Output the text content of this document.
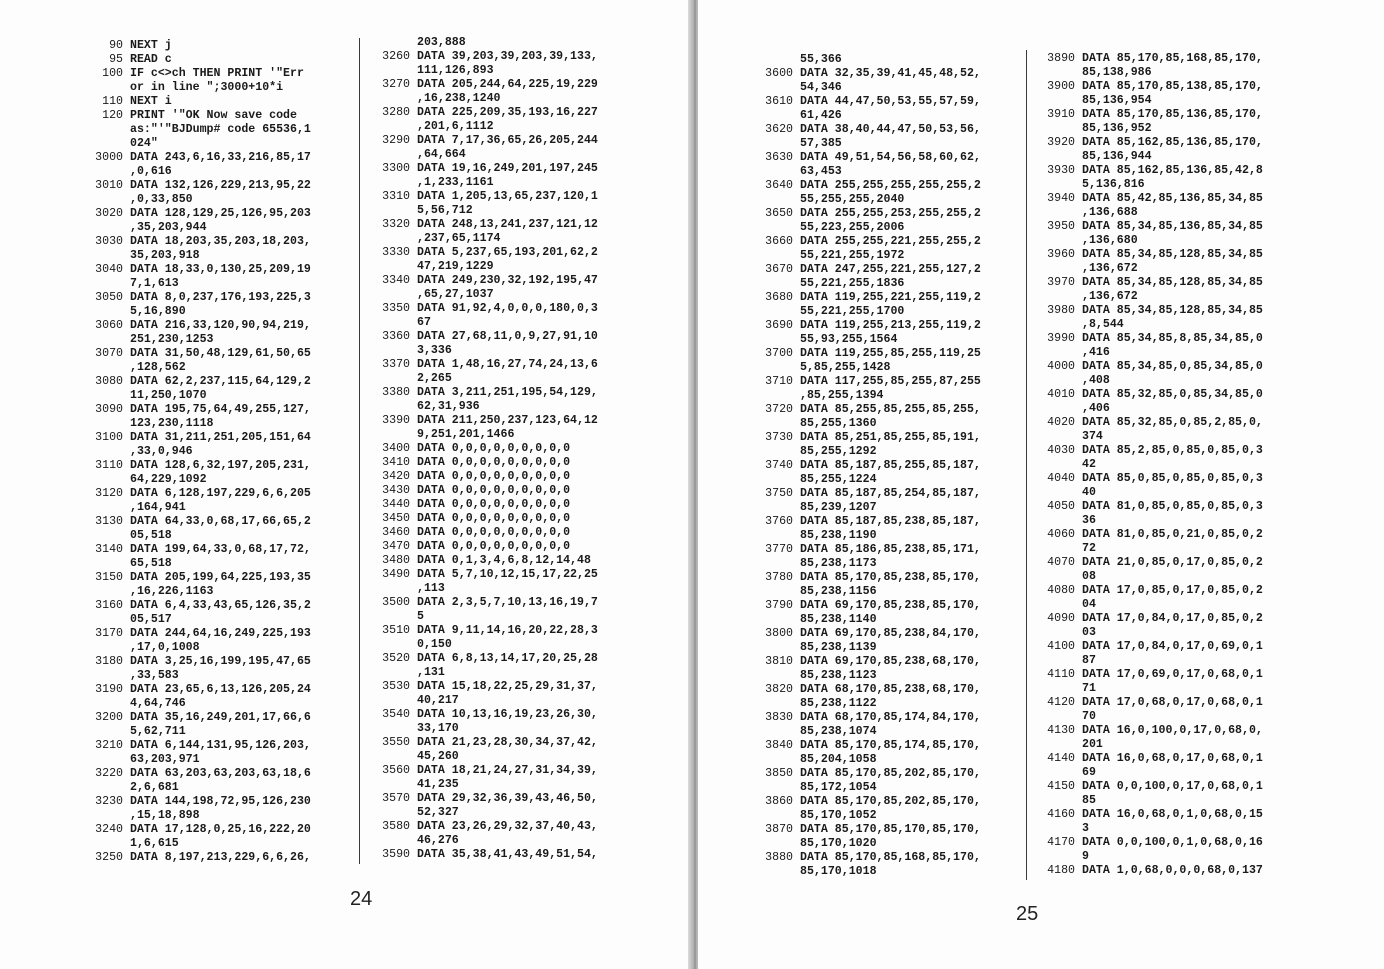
90 NEXT j
95 READ c
100 IF c<>ch THEN PRINT '"Err
or in line ";3000+10*i
110 NEXT i
120 PRINT '"OK Now save code
as:"'"BJDump# code 65536,1
024"
3000 DATA 243,6,16,33,216,85,17
,0,616
3010 DATA 132,126,229,213,95,22
,0,33,850
3020 DATA 128,129,25,126,95,203
,35,203,944
3030 DATA 18,203,35,203,18,203,
35,203,918
3040 DATA 18,33,0,130,25,209,19
7,1,613
3050 DATA 8,0,237,176,193,225,3
5,16,890
3060 DATA 216,33,120,90,94,219,
251,230,1253
3070 DATA 31,50,48,129,61,50,65
,128,562
3080 DATA 62,2,237,115,64,129,2
11,250,1070
3090 DATA 195,75,64,49,255,127,
123,230,1118
3100 DATA 31,211,251,205,151,64
,33,0,946
3110 DATA 128,6,32,197,205,231,
64,229,1092
3120 DATA 6,128,197,229,6,6,205
,164,941
3130 DATA 64,33,0,68,17,66,65,2
05,518
3140 DATA 199,64,33,0,68,17,72,
65,518
3150 DATA 205,199,64,225,193,35
,16,226,1163
3160 DATA 6,4,33,43,65,126,35,2
05,517
3170 DATA 244,64,16,249,225,193
,17,0,1008
3180 DATA 3,25,16,199,195,47,65
,33,583
3190 DATA 23,65,6,13,126,205,24
4,64,746
3200 DATA 35,16,249,201,17,66,6
5,62,711
3210 DATA 6,144,131,95,126,203,
63,203,971
3220 DATA 63,203,63,203,63,18,6
2,6,681
3230 DATA 144,198,72,95,126,230
,15,18,898
3240 DATA 17,128,0,25,16,222,20
1,6,615
3250 DATA 8,197,213,229,6,6,26,
203,888
3260 DATA 39,203,39,203,39,133,
111,126,893
3270 DATA 205,244,64,225,19,229
,16,238,1240
3280 DATA 225,209,35,193,16,227
,201,6,1112
3290 DATA 7,17,36,65,26,205,244
,64,664
3300 DATA 19,16,249,201,197,245
,1,233,1161
3310 DATA 1,205,13,65,237,120,1
5,56,712
3320 DATA 248,13,241,237,121,12
,237,65,1174
3330 DATA 5,237,65,193,201,62,2
47,219,1229
3340 DATA 249,230,32,192,195,47
,65,27,1037
3350 DATA 91,92,4,0,0,0,180,0,3
67
3360 DATA 27,68,11,0,9,27,91,10
3,336
3370 DATA 1,48,16,27,74,24,13,6
2,265
3380 DATA 3,211,251,195,54,129,
62,31,936
3390 DATA 211,250,237,123,64,12
9,251,201,1466
3400 DATA 0,0,0,0,0,0,0,0,0
3410 DATA 0,0,0,0,0,0,0,0,0
3420 DATA 0,0,0,0,0,0,0,0,0
3430 DATA 0,0,0,0,0,0,0,0,0
3440 DATA 0,0,0,0,0,0,0,0,0
3450 DATA 0,0,0,0,0,0,0,0,0
3460 DATA 0,0,0,0,0,0,0,0,0
3470 DATA 0,0,0,0,0,0,0,0,0
3480 DATA 0,1,3,4,6,8,12,14,48
3490 DATA 5,7,10,12,15,17,22,25
,113
3500 DATA 2,3,5,7,10,13,16,19,7
5
3510 DATA 9,11,14,16,20,22,28,3
0,150
3520 DATA 6,8,13,14,17,20,25,28
,131
3530 DATA 15,18,22,25,29,31,37,
40,217
3540 DATA 10,13,16,19,23,26,30,
33,170
3550 DATA 21,23,28,30,34,37,42,
45,260
3560 DATA 18,21,24,27,31,34,39,
41,235
3570 DATA 29,32,36,39,43,46,50,
52,327
3580 DATA 23,26,29,32,37,40,43,
46,276
3590 DATA 35,38,41,43,49,51,54,
24
55,366
3600 DATA 32,35,39,41,45,48,52,
54,346
3610 DATA 44,47,50,53,55,57,59,
61,426
3620 DATA 38,40,44,47,50,53,56,
57,385
3630 DATA 49,51,54,56,58,60,62,
63,453
3640 DATA 255,255,255,255,255,2
55,255,255,2040
3650 DATA 255,255,253,255,255,2
55,223,255,2006
3660 DATA 255,255,221,255,255,2
55,221,255,1972
3670 DATA 247,255,221,255,127,2
55,221,255,1836
3680 DATA 119,255,221,255,119,2
55,221,255,1700
3690 DATA 119,255,213,255,119,2
55,93,255,1564
3700 DATA 119,255,85,255,119,25
5,85,255,1428
3710 DATA 117,255,85,255,87,255
,85,255,1394
3720 DATA 85,255,85,255,85,255,
85,255,1360
3730 DATA 85,251,85,255,85,191,
85,255,1292
3740 DATA 85,187,85,255,85,187,
85,255,1224
3750 DATA 85,187,85,254,85,187,
85,239,1207
3760 DATA 85,187,85,238,85,187,
85,238,1190
3770 DATA 85,186,85,238,85,171,
85,238,1173
3780 DATA 85,170,85,238,85,170,
85,238,1156
3790 DATA 69,170,85,238,85,170,
85,238,1140
3800 DATA 69,170,85,238,84,170,
85,238,1139
3810 DATA 69,170,85,238,68,170,
85,238,1123
3820 DATA 68,170,85,238,68,170,
85,238,1122
3830 DATA 68,170,85,174,84,170,
85,238,1074
3840 DATA 85,170,85,174,85,170,
85,204,1058
3850 DATA 85,170,85,202,85,170,
85,172,1054
3860 DATA 85,170,85,202,85,170,
85,170,1052
3870 DATA 85,170,85,170,85,170,
85,170,1020
3880 DATA 85,170,85,168,85,170,
85,170,1018
3890 DATA 85,170,85,168,85,170,
85,138,986
3900 DATA 85,170,85,138,85,170,
85,136,954
3910 DATA 85,170,85,136,85,170,
85,136,952
3920 DATA 85,162,85,136,85,170,
85,136,944
3930 DATA 85,162,85,136,85,42,8
5,136,816
3940 DATA 85,42,85,136,85,34,85
,136,688
3950 DATA 85,34,85,136,85,34,85
,136,680
3960 DATA 85,34,85,128,85,34,85
,136,672
3970 DATA 85,34,85,128,85,34,85
,136,672
3980 DATA 85,34,85,128,85,34,85
,8,544
3990 DATA 85,34,85,8,85,34,85,0
,416
4000 DATA 85,34,85,0,85,34,85,0
,408
4010 DATA 85,32,85,0,85,34,85,0
,406
4020 DATA 85,32,85,0,85,2,85,0,
374
4030 DATA 85,2,85,0,85,0,85,0,3
42
4040 DATA 85,0,85,0,85,0,85,0,3
40
4050 DATA 81,0,85,0,85,0,85,0,3
36
4060 DATA 81,0,85,0,21,0,85,0,2
72
4070 DATA 21,0,85,0,17,0,85,0,2
08
4080 DATA 17,0,85,0,17,0,85,0,2
04
4090 DATA 17,0,84,0,17,0,85,0,2
03
4100 DATA 17,0,84,0,17,0,69,0,1
87
4110 DATA 17,0,69,0,17,0,68,0,1
71
4120 DATA 17,0,68,0,17,0,68,0,1
70
4130 DATA 16,0,100,0,17,0,68,0,
201
4140 DATA 16,0,68,0,17,0,68,0,1
69
4150 DATA 0,0,100,0,17,0,68,0,1
85
4160 DATA 16,0,68,0,1,0,68,0,15
3
4170 DATA 0,0,100,0,1,0,68,0,16
9
4180 DATA 1,0,68,0,0,0,68,0,137
25
